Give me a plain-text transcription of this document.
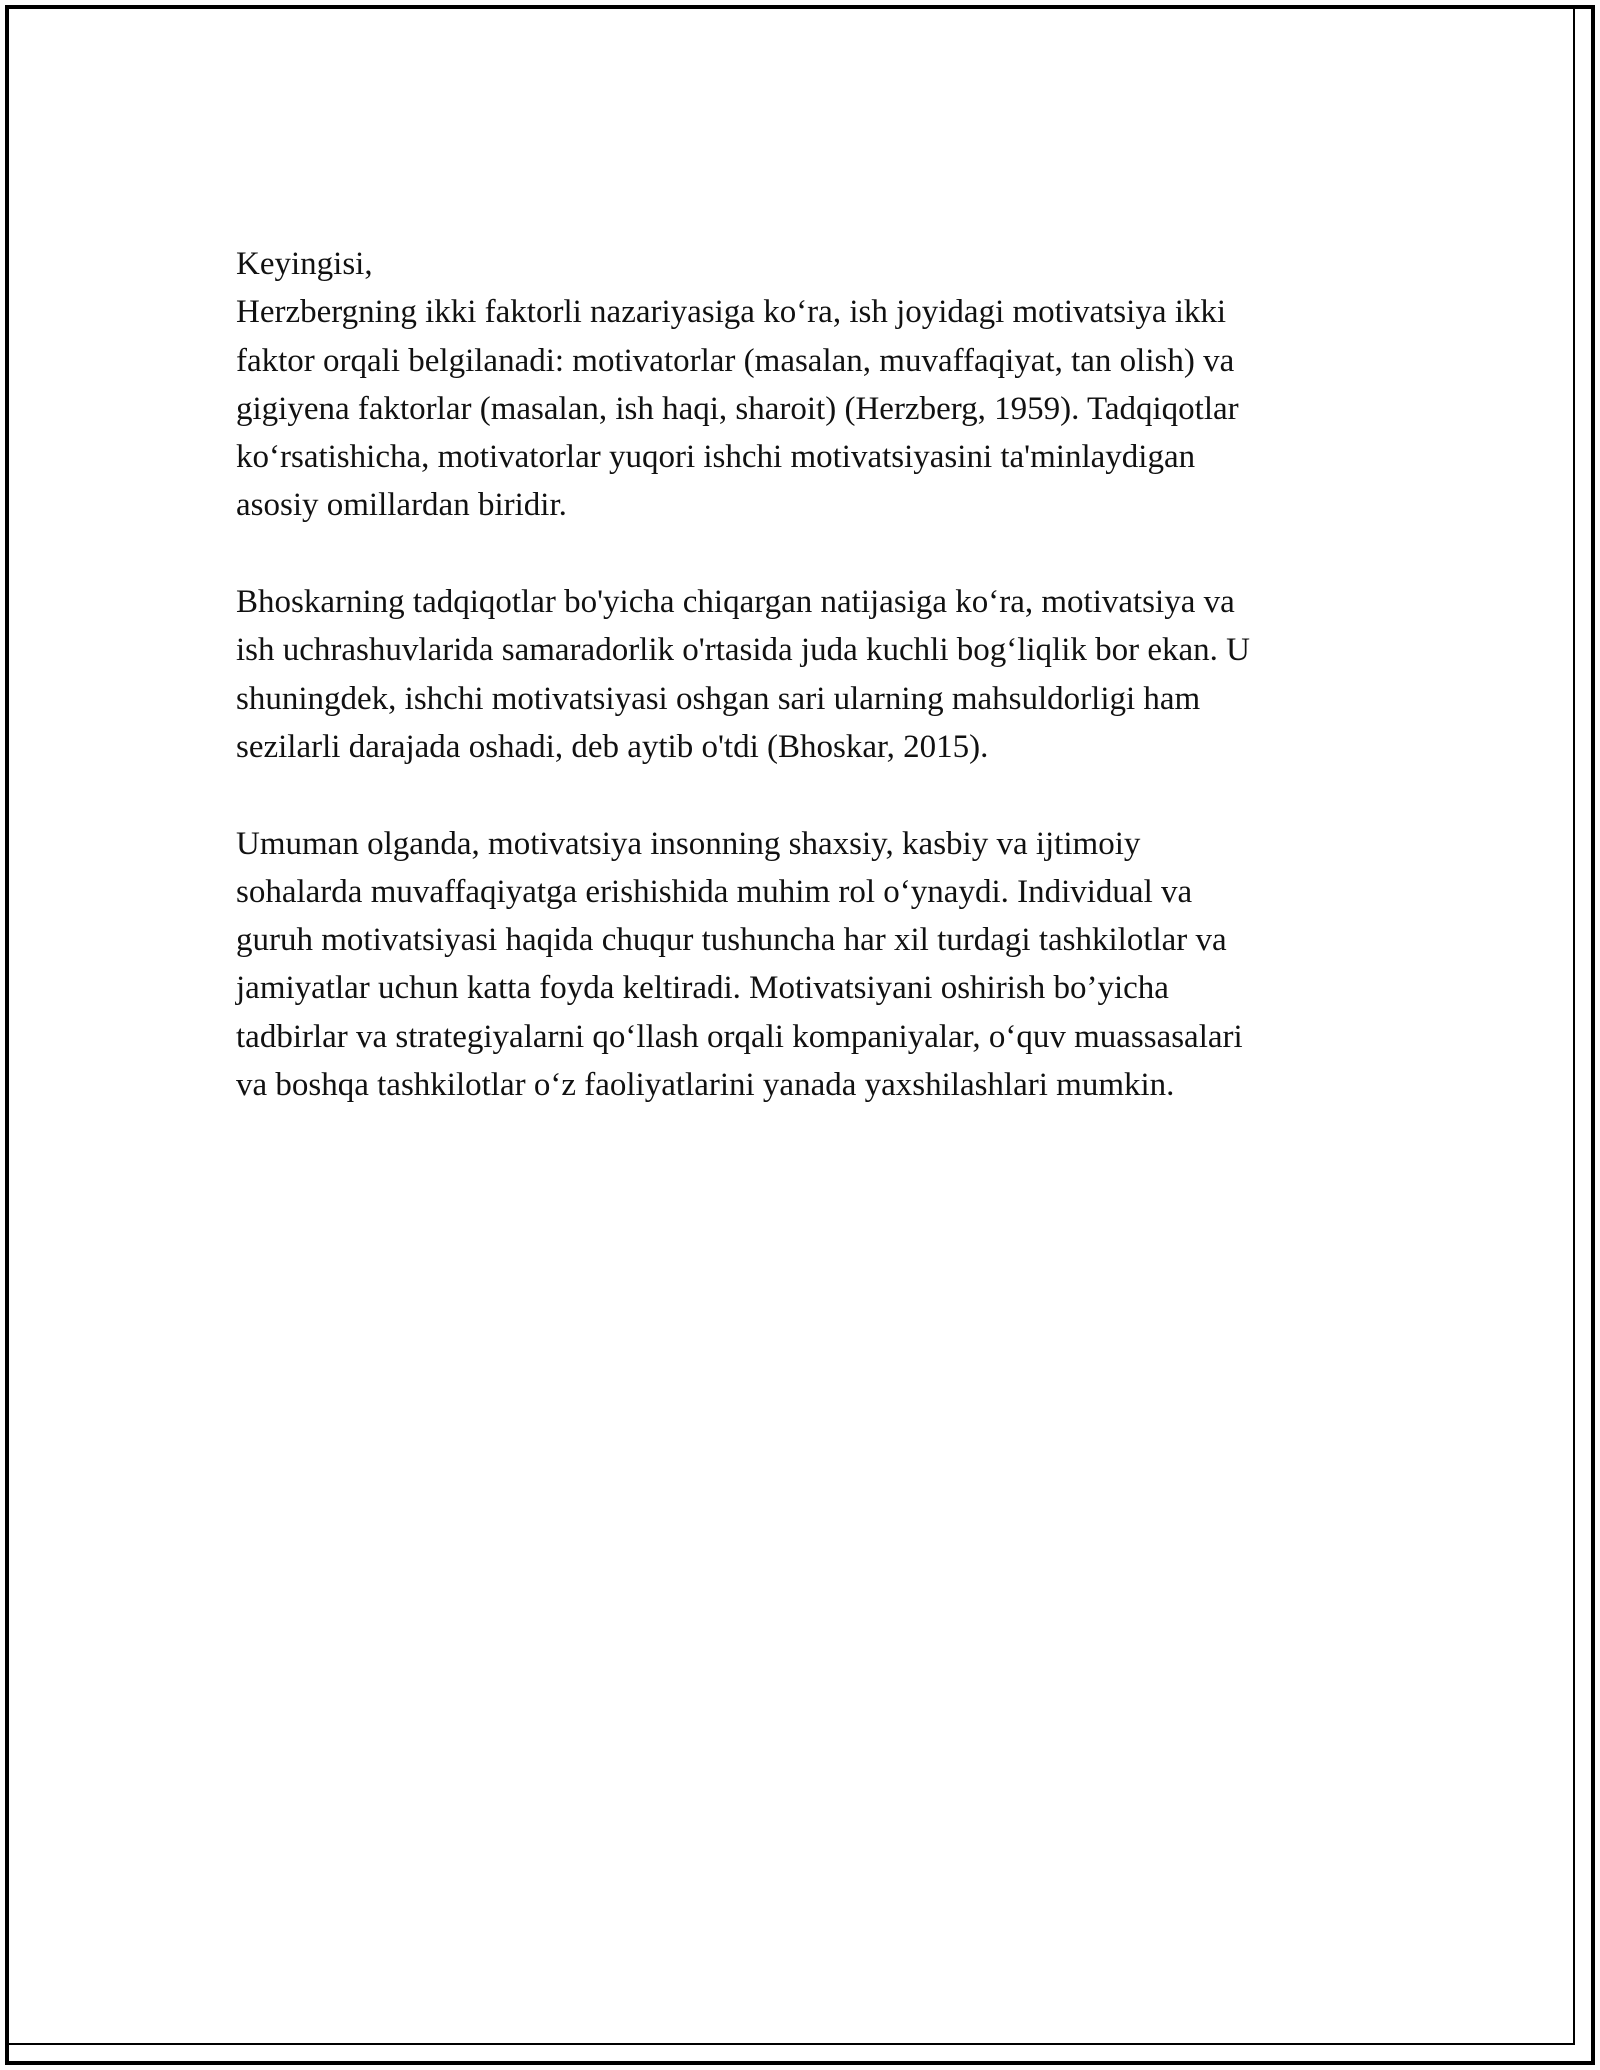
Keyingisi,
Herzbergning ikki faktorli nazariyasiga ko‘ra, ish joyidagi motivatsiya ikki
faktor orqali belgilanadi: motivatorlar (masalan, muvaffaqiyat, tan olish) va
gigiyena faktorlar (masalan, ish haqi, sharoit) (Herzberg, 1959). Tadqiqotlar
ko‘rsatishicha, motivatorlar yuqori ishchi motivatsiyasini ta'minlaydigan
asosiy omillardan biridir.
Bhoskarning tadqiqotlar bo'yicha chiqargan natijasiga ko‘ra, motivatsiya va
ish uchrashuvlarida samaradorlik o'rtasida juda kuchli bog‘liqlik bor ekan. U
shuningdek, ishchi motivatsiyasi oshgan sari ularning mahsuldorligi ham
sezilarli darajada oshadi, deb aytib o'tdi (Bhoskar, 2015).
Umuman olganda, motivatsiya insonning shaxsiy, kasbiy va ijtimoiy
sohalarda muvaffaqiyatga erishishida muhim rol o‘ynaydi. Individual va
guruh motivatsiyasi haqida chuqur tushuncha har xil turdagi tashkilotlar va
jamiyatlar uchun katta foyda keltiradi. Motivatsiyani oshirish bo’yicha
tadbirlar va strategiyalarni qo‘llash orqali kompaniyalar, o‘quv muassasalari
va boshqa tashkilotlar o‘z faoliyatlarini yanada yaxshilashlari mumkin.
